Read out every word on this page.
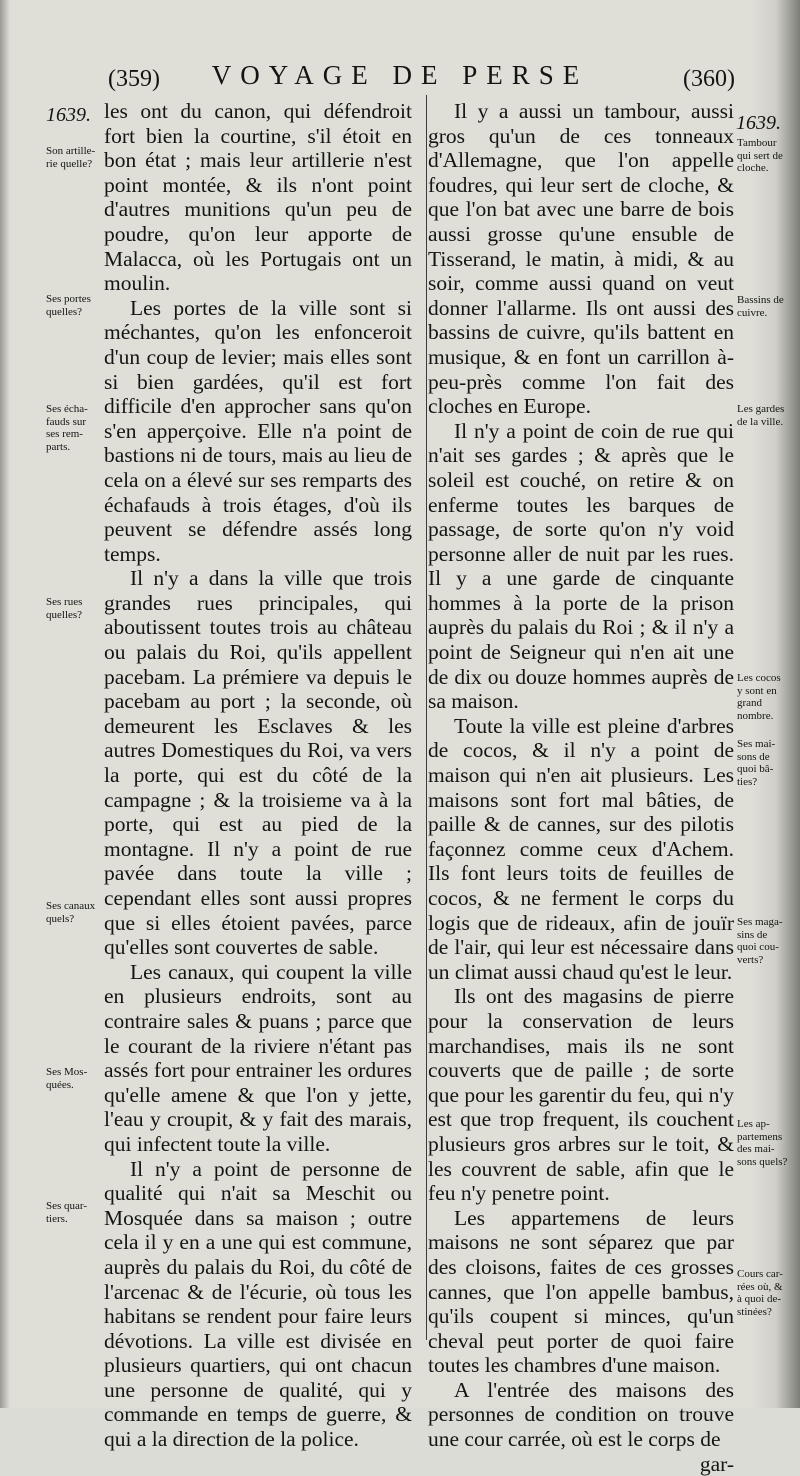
(359)	VOYAGE DE PERSE	(360)
1639.	1639.
Son artille-
rie quelle?
Ses portes
quelles?
Ses écha-
fauds sur
ses rem-
parts.
Ses rues
quelles?
Ses canaux
quels?
Ses Mos-
quées.
Ses quar-
tiers.
Tambour
qui sert de
cloche.
Bassins de
cuivre.
Les gardes
de la ville.
Les cocos
y sont en
grand
nombre.
Ses mai-
sons de
quoi bâ-
ties?
Ses maga-
sins de
quoi cou-
verts?
Les ap-
partemens
des mai-
sons quels?
Cours car-
rées où, &
à quoi de-
stinées?

les ont du canon, qui défendroit fort bien la courtine, s'il étoit en bon état ; mais leur artillerie n'est point montée, & ils n'ont point d'autres munitions qu'un peu de poudre, qu'on leur apporte de Malacca, où les Portugais ont un moulin.

Les portes de la ville sont si méchantes, qu'on les enfonceroit d'un coup de levier; mais elles sont si bien gardées, qu'il est fort difficile d'en approcher sans qu'on s'en apperçoive. Elle n'a point de bastions ni de tours, mais au lieu de cela on a élevé sur ses remparts des échafauds à trois étages, d'où ils peuvent se défendre assés long temps.

Il n'y a dans la ville que trois grandes rues principales, qui aboutissent toutes trois au château ou palais du Roi, qu'ils appellent pacebam. La prémiere va depuis le pacebam au port ; la seconde, où demeurent les Esclaves & les autres Domestiques du Roi, va vers la porte, qui est du côté de la campagne ; & la troisieme va à la porte, qui est au pied de la montagne. Il n'y a point de rue pavée dans toute la ville ; cependant elles sont aussi propres que si elles étoient pavées, parce qu'elles sont couvertes de sable.

Les canaux, qui coupent la ville en plusieurs endroits, sont au contraire sales & puans ; parce que le courant de la riviere n'étant pas assés fort pour entrainer les ordures qu'elle amene & que l'on y jette, l'eau y croupit, & y fait des marais, qui infectent toute la ville.

Il n'y a point de personne de qualité qui n'ait sa Meschit ou Mosquée dans sa maison ; outre cela il y en a une qui est commune, auprès du palais du Roi, du côté de l'arcenac & de l'écurie, où tous les habitans se rendent pour faire leurs dévotions. La ville est divisée en plusieurs quartiers, qui ont chacun une personne de qualité, qui y commande en temps de guerre, & qui a la direction de la police.

Il y a aussi un tambour, aussi gros qu'un de ces tonneaux d'Allemagne, que l'on appelle foudres, qui leur sert de cloche, & que l'on bat avec une barre de bois aussi grosse qu'une ensuble de Tisserand, le matin, à midi, & au soir, comme aussi quand on veut donner l'allarme. Ils ont aussi des bassins de cuivre, qu'ils battent en musique, & en font un carrillon à-peu-près comme l'on fait des cloches en Europe.

Il n'y a point de coin de rue qui n'ait ses gardes ; & après que le soleil est couché, on retire & on enferme toutes les barques de passage, de sorte qu'on n'y void personne aller de nuit par les rues. Il y a une garde de cinquante hommes à la porte de la prison auprès du palais du Roi ; & il n'y a point de Seigneur qui n'en ait une de dix ou douze hommes auprès de sa maison.

Toute la ville est pleine d'arbres de cocos, & il n'y a point de maison qui n'en ait plusieurs. Les maisons sont fort mal bâties, de paille & de cannes, sur des pilotis façonnez comme ceux d'Achem. Ils font leurs toits de feuilles de cocos, & ne ferment le corps du logis que de rideaux, afin de jouïr de l'air, qui leur est nécessaire dans un climat aussi chaud qu'est le leur.

Ils ont des magasins de pierre pour la conservation de leurs marchandises, mais ils ne sont couverts que de paille ; de sorte que pour les garentir du feu, qui n'y est que trop frequent, ils couchent plusieurs gros arbres sur le toit, & les couvrent de sable, afin que le feu n'y penetre point.

Les appartemens de leurs maisons ne sont séparez que par des cloisons, faites de ces grosses cannes, que l'on appelle bambus, qu'ils coupent si minces, qu'un cheval peut porter de quoi faire toutes les chambres d'une maison.

A l'entrée des maisons des personnes de condition on trouve une cour carrée, où est le corps de

gar-
